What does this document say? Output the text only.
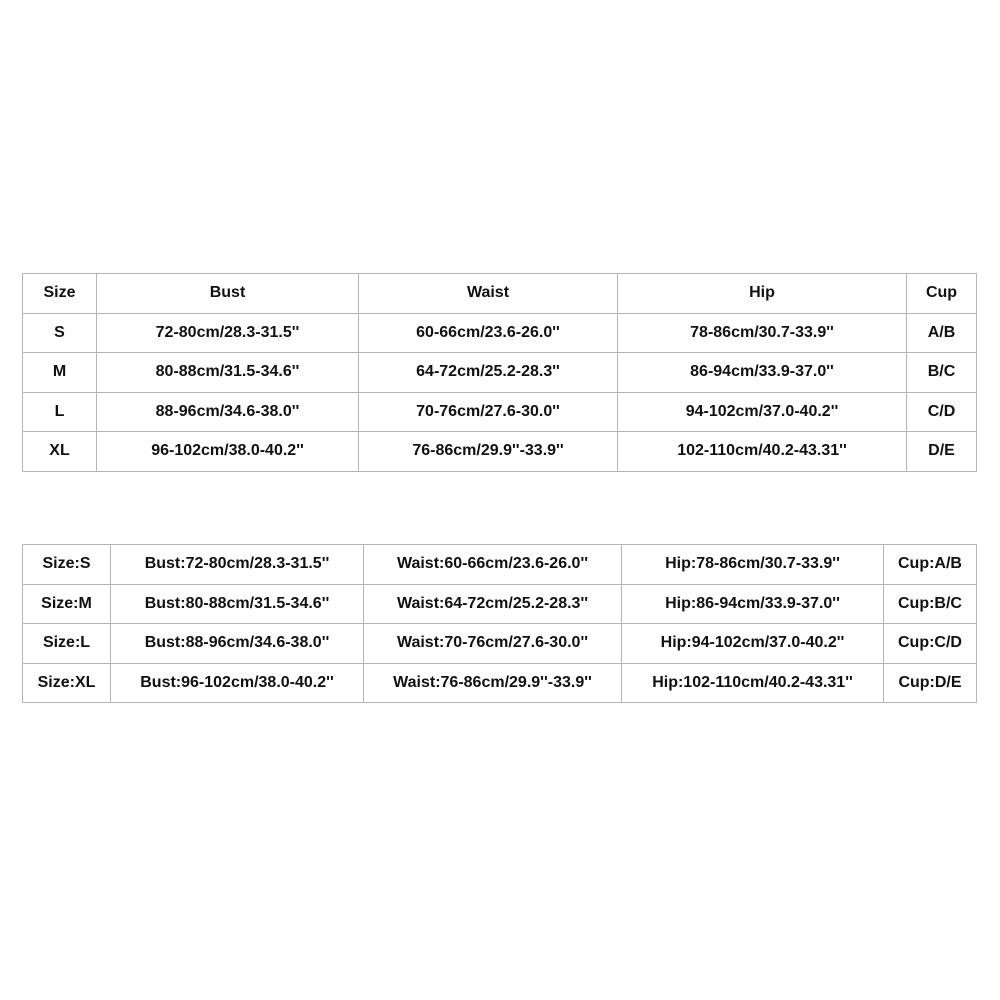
Size	Bust	Waist	Hip	Cup
S	72-80cm/28.3-31.5''	60-66cm/23.6-26.0''	78-86cm/30.7-33.9''	A/B
M	80-88cm/31.5-34.6''	64-72cm/25.2-28.3''	86-94cm/33.9-37.0''	B/C
L	88-96cm/34.6-38.0''	70-76cm/27.6-30.0''	94-102cm/37.0-40.2''	C/D
XL	96-102cm/38.0-40.2''	76-86cm/29.9''-33.9''	102-110cm/40.2-43.31''	D/E
Size:S	Bust:72-80cm/28.3-31.5''	Waist:60-66cm/23.6-26.0''	Hip:78-86cm/30.7-33.9''	Cup:A/B
Size:M	Bust:80-88cm/31.5-34.6''	Waist:64-72cm/25.2-28.3''	Hip:86-94cm/33.9-37.0''	Cup:B/C
Size:L	Bust:88-96cm/34.6-38.0''	Waist:70-76cm/27.6-30.0''	Hip:94-102cm/37.0-40.2''	Cup:C/D
Size:XL	Bust:96-102cm/38.0-40.2''	Waist:76-86cm/29.9''-33.9''	Hip:102-110cm/40.2-43.31''	Cup:D/E
